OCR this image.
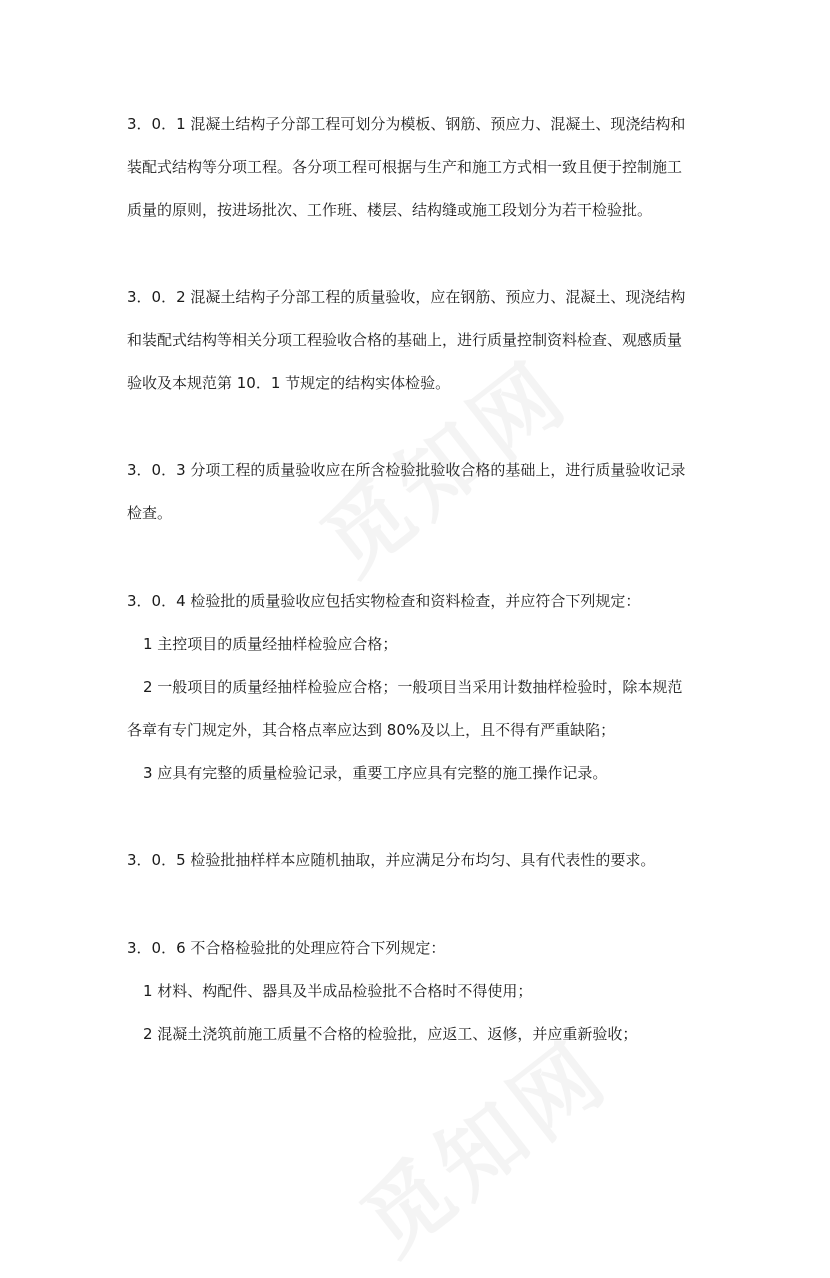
3．0．1 混凝土结构子分部工程可划分为模板、钢筋、预应力、混凝土、现浇结构和
装配式结构等分项工程。各分项工程可根据与生产和施工方式相一致且便于控制施工
质量的原则，按进场批次、工作班、楼层、结构缝或施工段划分为若干检验批。
3．0．2 混凝土结构子分部工程的质量验收，应在钢筋、预应力、混凝土、现浇结构
和装配式结构等相关分项工程验收合格的基础上，进行质量控制资料检查、观感质量
验收及本规范第 10．1 节规定的结构实体检验。
3．0．3 分项工程的质量验收应在所含检验批验收合格的基础上，进行质量验收记录
检查。
3．0．4 检验批的质量验收应包括实物检查和资料检查，并应符合下列规定：
1 主控项目的质量经抽样检验应合格；
2 一般项目的质量经抽样检验应合格；一般项目当采用计数抽样检验时，除本规范
各章有专门规定外，其合格点率应达到 80%及以上，且不得有严重缺陷；
3 应具有完整的质量检验记录，重要工序应具有完整的施工操作记录。
3．0．5 检验批抽样样本应随机抽取，并应满足分布均匀、具有代表性的要求。
3．0．6 不合格检验批的处理应符合下列规定：
1 材料、构配件、器具及半成品检验批不合格时不得使用；
2 混凝土浇筑前施工质量不合格的检验批，应返工、返修，并应重新验收；
